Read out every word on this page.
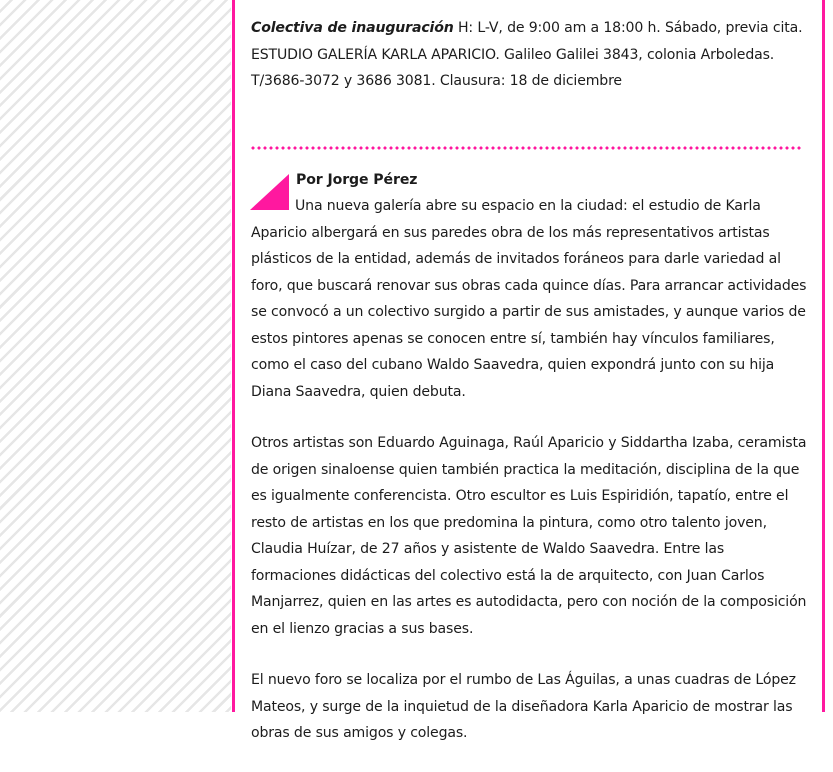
Colectiva de inauguración H: L-V, de 9:00 am a 18:00 h. Sábado, previa cita. ESTUDIO GALERÍA KARLA APARICIO. Galileo Galilei 3843, colonia Arboledas. T/3686-3072 y 3686 3081. Clausura: 18 de diciembre

Por Jorge Pérez

Una nueva galería abre su espacio en la ciudad: el estudio de Karla Aparicio albergará en sus paredes obra de los más representativos artistas plásticos de la entidad, además de invitados foráneos para darle variedad al foro, que buscará renovar sus obras cada quince días. Para arrancar actividades se convocó a un colectivo surgido a partir de sus amistades, y aunque varios de estos pintores apenas se conocen entre sí, también hay vínculos familiares, como el caso del cubano Waldo Saavedra, quien expondrá junto con su hija Diana Saavedra, quien debuta.

Otros artistas son Eduardo Aguinaga, Raúl Aparicio y Siddartha Izaba, ceramista de origen sinaloense quien también practica la meditación, disciplina de la que es igualmente conferencista. Otro escultor es Luis Espiridión, tapatío, entre el resto de artistas en los que predomina la pintura, como otro talento joven, Claudia Huízar, de 27 años y asistente de Waldo Saavedra. Entre las formaciones didácticas del colectivo está la de arquitecto, con Juan Carlos Manjarrez, quien en las artes es autodidacta, pero con noción de la composición en el lienzo gracias a sus bases.

El nuevo foro se localiza por el rumbo de Las Águilas, a unas cuadras de López Mateos, y surge de la inquietud de la diseñadora Karla Aparicio de mostrar las obras de sus amigos y colegas.
